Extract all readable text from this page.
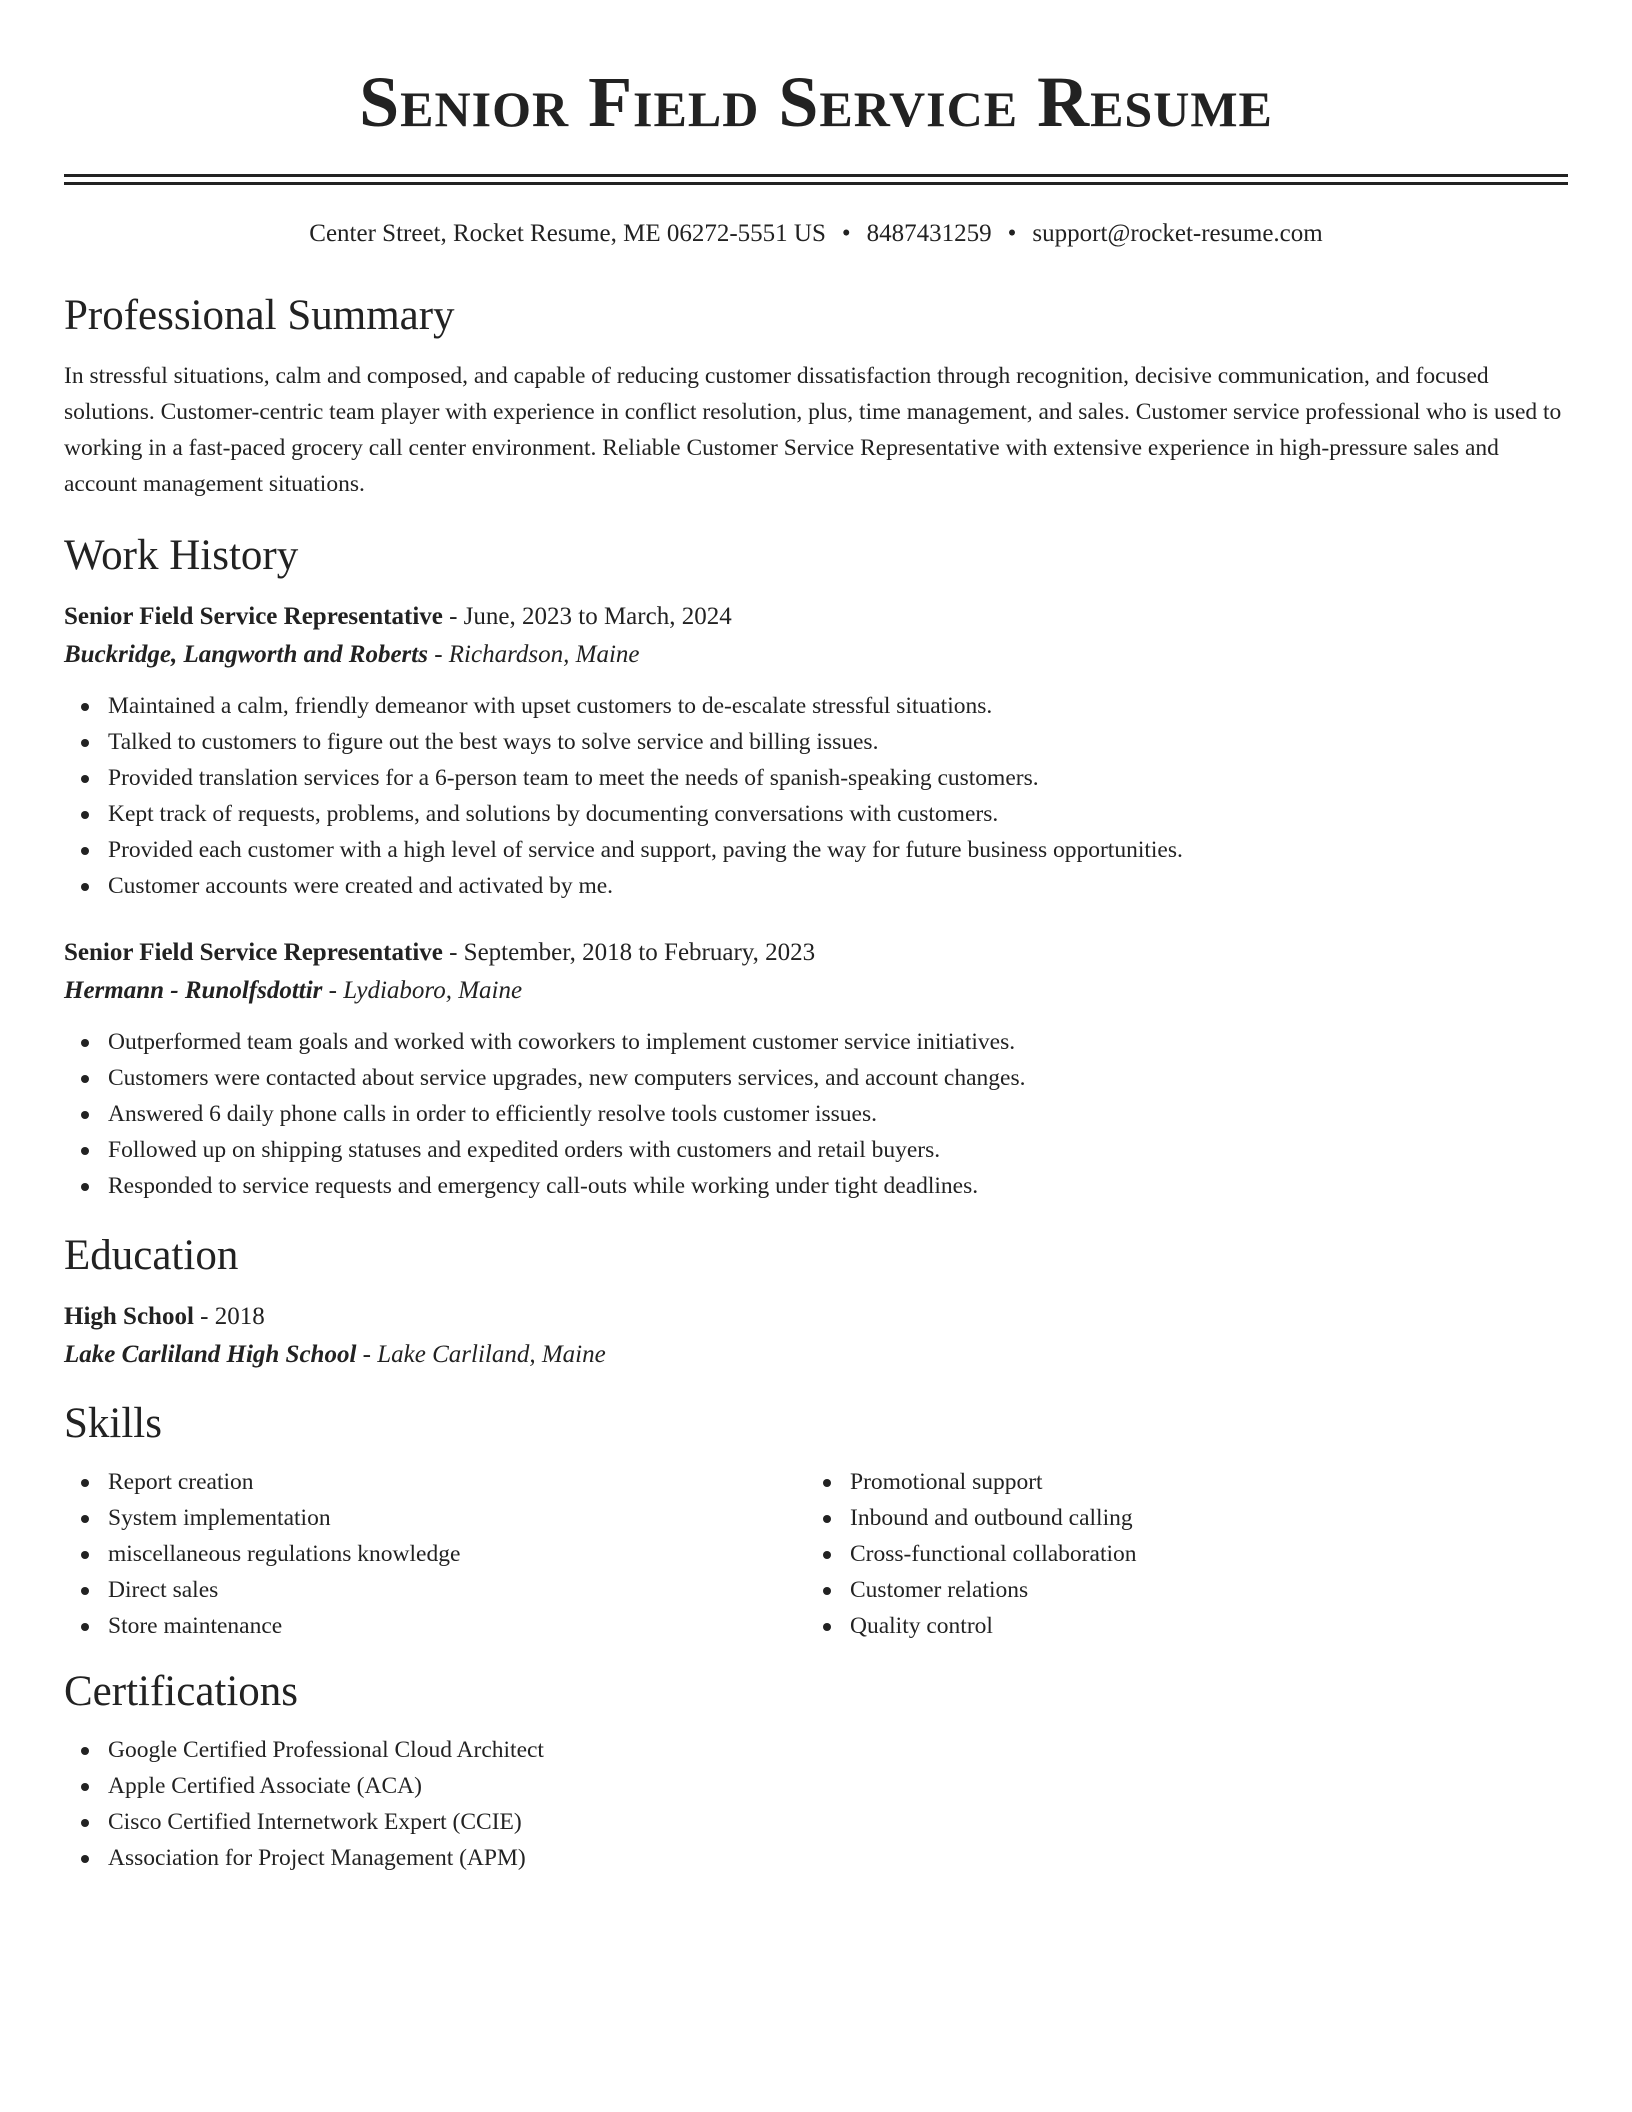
Senior Field Service Resume
Center Street, Rocket Resume, ME 06272-5551 US • 8487431259 • support@rocket-resume.com
Professional Summary

In stressful situations, calm and composed, and capable of reducing customer dissatisfaction through recognition, decisive communication, and focused solutions. Customer-centric team player with experience in conflict resolution, plus, time management, and sales. Customer service professional who is used to working in a fast-paced grocery call center environment. Reliable Customer Service Representative with extensive experience in high-pressure sales and account management situations.

Work History
Senior Field Service Representative - June, 2023 to March, 2024
Buckridge, Langworth and Roberts - Richardson, Maine
Maintained a calm, friendly demeanor with upset customers to de-escalate stressful situations.
Talked to customers to figure out the best ways to solve service and billing issues.
Provided translation services for a 6-person team to meet the needs of spanish-speaking customers.
Kept track of requests, problems, and solutions by documenting conversations with customers.
Provided each customer with a high level of service and support, paving the way for future business opportunities.
Customer accounts were created and activated by me.
Senior Field Service Representative - September, 2018 to February, 2023
Hermann - Runolfsdottir - Lydiaboro, Maine
Outperformed team goals and worked with coworkers to implement customer service initiatives.
Customers were contacted about service upgrades, new computers services, and account changes.
Answered 6 daily phone calls in order to efficiently resolve tools customer issues.
Followed up on shipping statuses and expedited orders with customers and retail buyers.
Responded to service requests and emergency call-outs while working under tight deadlines.
Education
High School - 2018
Lake Carliland High School - Lake Carliland, Maine
Skills
Report creation
System implementation
miscellaneous regulations knowledge
Direct sales
Store maintenance
Promotional support
Inbound and outbound calling
Cross-functional collaboration
Customer relations
Quality control
Certifications
Google Certified Professional Cloud Architect
Apple Certified Associate (ACA)
Cisco Certified Internetwork Expert (CCIE)
Association for Project Management (APM)
